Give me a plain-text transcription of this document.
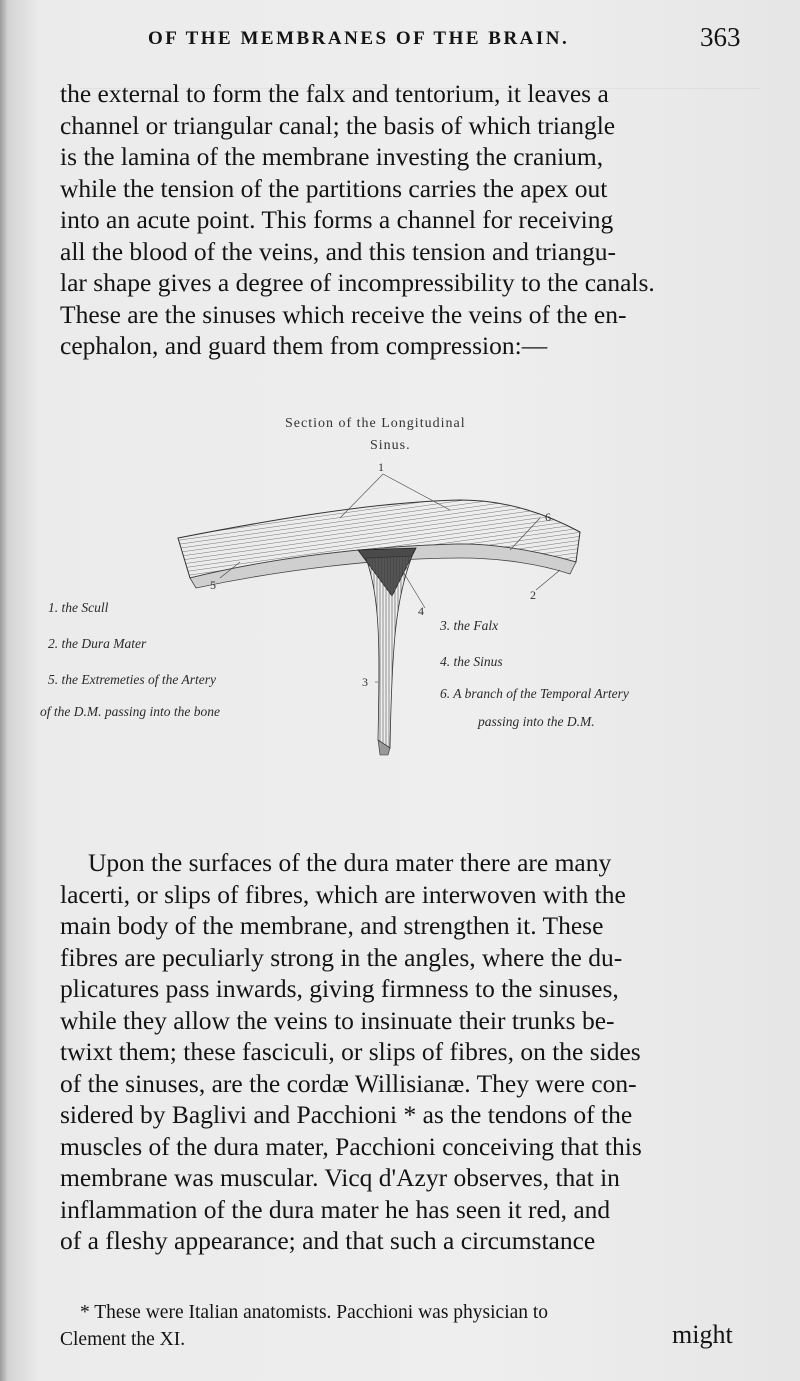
OF THE MEMBRANES OF THE BRAIN.	363
the external to form the falx and tentorium, it leaves a
channel or triangular canal; the basis of which triangle
is the lamina of the membrane investing the cranium,
while the tension of the partitions carries the apex out
into an acute point. This forms a channel for receiving
all the blood of the veins, and this tension and triangu-
lar shape gives a degree of incompressibility to the canals.
These are the sinuses which receive the veins of the en-
cephalon, and guard them from compression:—
Section of the Longitudinal
Sinus.
1
2
3
4
5
6
1. the Scull
2. the Dura Mater
5. the Extremeties of the Artery
of the D.M. passing into the bone
3. the Falx
4. the Sinus
6. A branch of the Temporal Artery
passing into the D.M.
Upon the surfaces of the dura mater there are many
lacerti, or slips of fibres, which are interwoven with the
main body of the membrane, and strengthen it. These
fibres are peculiarly strong in the angles, where the du-
plicatures pass inwards, giving firmness to the sinuses,
while they allow the veins to insinuate their trunks be-
twixt them; these fasciculi, or slips of fibres, on the sides
of the sinuses, are the cordæ Willisianæ. They were con-
sidered by Baglivi and Pacchioni * as the tendons of the
muscles of the dura mater, Pacchioni conceiving that this
membrane was muscular. Vicq d'Azyr observes, that in
inflammation of the dura mater he has seen it red, and
of a fleshy appearance; and that such a circumstance
* These were Italian anatomists. Pacchioni was physician to
Clement the XI.	might
